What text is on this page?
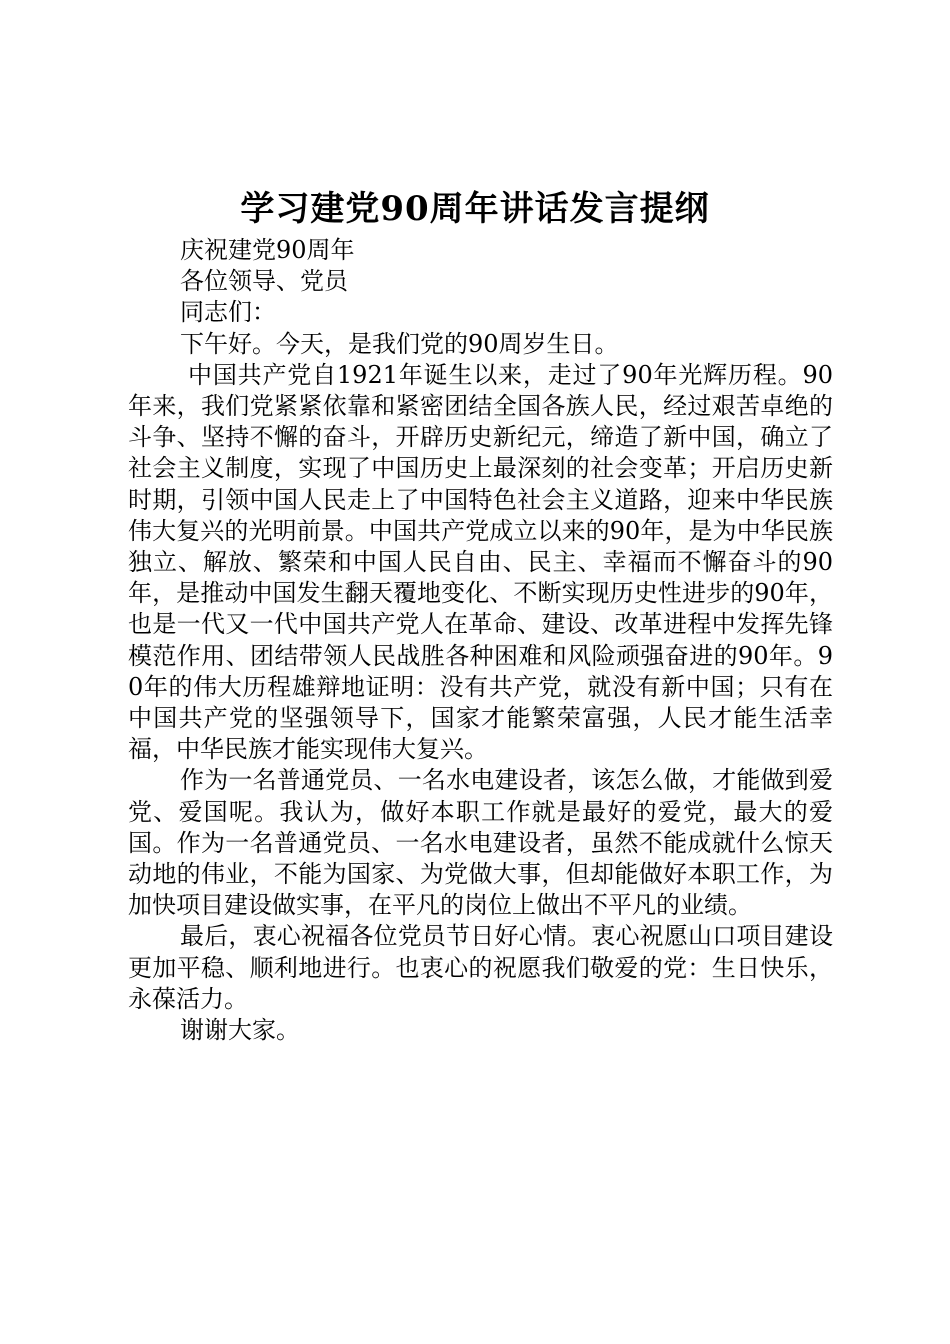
学习建党90周年讲话发言提纲

庆祝建党90周年

各位领导、党员

同志们：

下午好。今天，是我们党的90周岁生日。

中国共产党自1921年诞生以来，走过了90年光辉历程。90年来，我们党紧紧依靠和紧密团结全国各族人民，经过艰苦卓绝的斗争、坚持不懈的奋斗，开辟历史新纪元，缔造了新中国，确立了社会主义制度，实现了中国历史上最深刻的社会变革；开启历史新时期，引领中国人民走上了中国特色社会主义道路，迎来中华民族伟大复兴的光明前景。中国共产党成立以来的90年，是为中华民族独立、解放、繁荣和中国人民自由、民主、幸福而不懈奋斗的90年，是推动中国发生翻天覆地变化、不断实现历史性进步的90年，也是一代又一代中国共产党人在革命、建设、改革进程中发挥先锋模范作用、团结带领人民战胜各种困难和风险顽强奋进的90年。90年的伟大历程雄辩地证明：没有共产党，就没有新中国；只有在中国共产党的坚强领导下，国家才能繁荣富强，人民才能生活幸福，中华民族才能实现伟大复兴。

作为一名普通党员、一名水电建设者，该怎么做，才能做到爱党、爱国呢。我认为，做好本职工作就是最好的爱党，最大的爱国。作为一名普通党员、一名水电建设者，虽然不能成就什么惊天动地的伟业，不能为国家、为党做大事，但却能做好本职工作，为加快项目建设做实事，在平凡的岗位上做出不平凡的业绩。

最后，衷心祝福各位党员节日好心情。衷心祝愿山口项目建设更加平稳、顺利地进行。也衷心的祝愿我们敬爱的党：生日快乐，永葆活力。

谢谢大家。
